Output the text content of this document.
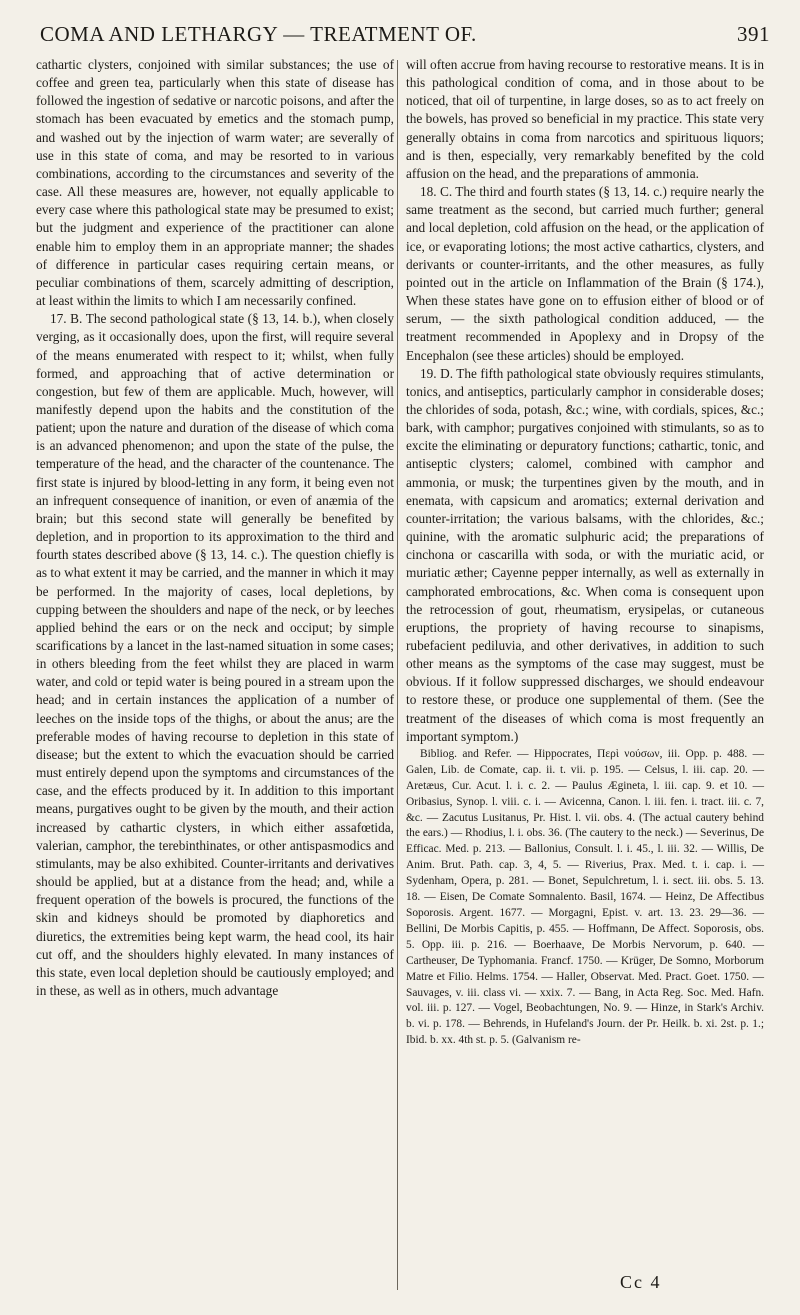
COMA AND LETHARGY — TREATMENT OF.	391

cathartic clysters, conjoined with similar substances; the use of coffee and green tea, particularly when this state of disease has followed the ingestion of sedative or narcotic poisons, and after the stomach has been evacuated by emetics and the stomach pump, and washed out by the injection of warm water; are severally of use in this state of coma, and may be resorted to in various combinations, according to the circumstances and severity of the case. All these measures are, however, not equally applicable to every case where this pathological state may be presumed to exist; but the judgment and experience of the practitioner can alone enable him to employ them in an appropriate manner; the shades of difference in particular cases requiring certain means, or peculiar combinations of them, scarcely admitting of description, at least within the limits to which I am necessarily confined.

17. B. The second pathological state (§ 13, 14. b.), when closely verging, as it occasionally does, upon the first, will require several of the means enumerated with respect to it; whilst, when fully formed, and approaching that of active determination or congestion, but few of them are applicable. Much, however, will manifestly depend upon the habits and the constitution of the patient; upon the nature and duration of the disease of which coma is an advanced phenomenon; and upon the state of the pulse, the temperature of the head, and the character of the countenance. The first state is injured by blood-letting in any form, it being even not an infrequent consequence of inanition, or even of anæmia of the brain; but this second state will generally be benefited by depletion, and in proportion to its approximation to the third and fourth states described above (§ 13, 14. c.). The question chiefly is as to what extent it may be carried, and the manner in which it may be performed. In the majority of cases, local depletions, by cupping between the shoulders and nape of the neck, or by leeches applied behind the ears or on the neck and occiput; by simple scarifications by a lancet in the last-named situation in some cases; in others bleeding from the feet whilst they are placed in warm water, and cold or tepid water is being poured in a stream upon the head; and in certain instances the application of a number of leeches on the inside tops of the thighs, or about the anus; are the preferable modes of having recourse to depletion in this state of disease; but the extent to which the evacuation should be carried must entirely depend upon the symptoms and circumstances of the case, and the effects produced by it. In addition to this important means, purgatives ought to be given by the mouth, and their action increased by cathartic clysters, in which either assafœtida, valerian, camphor, the terebinthinates, or other antispasmodics and stimulants, may be also exhibited. Counter-irritants and derivatives should be applied, but at a distance from the head; and, while a frequent operation of the bowels is procured, the functions of the skin and kidneys should be promoted by diaphoretics and diuretics, the extremities being kept warm, the head cool, its hair cut off, and the shoulders highly elevated. In many instances of this state, even local depletion should be cautiously employed; and in these, as well as in others, much advantage

will often accrue from having recourse to restorative means. It is in this pathological condition of coma, and in those about to be noticed, that oil of turpentine, in large doses, so as to act freely on the bowels, has proved so beneficial in my practice. This state very generally obtains in coma from narcotics and spirituous liquors; and is then, especially, very remarkably benefited by the cold affusion on the head, and the preparations of ammonia.

18. C. The third and fourth states (§ 13, 14. c.) require nearly the same treatment as the second, but carried much further; general and local depletion, cold affusion on the head, or the application of ice, or evaporating lotions; the most active cathartics, clysters, and derivants or counter-irritants, and the other measures, as fully pointed out in the article on Inflammation of the Brain (§ 174.), When these states have gone on to effusion either of blood or of serum, — the sixth pathological condition adduced, — the treatment recommended in Apoplexy and in Dropsy of the Encephalon (see these articles) should be employed.

19. D. The fifth pathological state obviously requires stimulants, tonics, and antiseptics, particularly camphor in considerable doses; the chlorides of soda, potash, &c.; wine, with cordials, spices, &c.; bark, with camphor; purgatives conjoined with stimulants, so as to excite the eliminating or depuratory functions; cathartic, tonic, and antiseptic clysters; calomel, combined with camphor and ammonia, or musk; the turpentines given by the mouth, and in enemata, with capsicum and aromatics; external derivation and counter-irritation; the various balsams, with the chlorides, &c.; quinine, with the aromatic sulphuric acid; the preparations of cinchona or cascarilla with soda, or with the muriatic acid, or muriatic æther; Cayenne pepper internally, as well as externally in camphorated embrocations, &c. When coma is consequent upon the retrocession of gout, rheumatism, erysipelas, or cutaneous eruptions, the propriety of having recourse to sinapisms, rubefacient pediluvia, and other derivatives, in addition to such other means as the symptoms of the case may suggest, must be obvious. If it follow suppressed discharges, we should endeavour to restore these, or produce one supplemental of them. (See the treatment of the diseases of which coma is most frequently an important symptom.)

Bibliog. and Refer. — Hippocrates, Περὶ νούσων, iii. Opp. p. 488. — Galen, Lib. de Comate, cap. ii. t. vii. p. 195. — Celsus, l. iii. cap. 20. — Aretæus, Cur. Acut. l. i. c. 2. — Paulus Ægineta, l. iii. cap. 9. et 10. — Oribasius, Synop. l. viii. c. i. — Avicenna, Canon. l. iii. fen. i. tract. iii. c. 7, &c. — Zacutus Lusitanus, Pr. Hist. l. vii. obs. 4. (The actual cautery behind the ears.) — Rhodius, l. i. obs. 36. (The cautery to the neck.) — Severinus, De Efficac. Med. p. 213. — Ballonius, Consult. l. i. 45., l. iii. 32. — Willis, De Anim. Brut. Path. cap. 3, 4, 5. — Riverius, Prax. Med. t. i. cap. i. — Sydenham, Opera, p. 281. — Bonet, Sepulchretum, l. i. sect. iii. obs. 5. 13. 18. — Eisen, De Comate Somnalento. Basil, 1674. — Heinz, De Affectibus Soporosis. Argent. 1677. — Morgagni, Epist. v. art. 13. 23. 29—36. — Bellini, De Morbis Capitis, p. 455. — Hoffmann, De Affect. Soporosis, obs. 5. Opp. iii. p. 216. — Boerhaave, De Morbis Nervorum, p. 640. — Cartheuser, De Typhomania. Francf. 1750. — Krüger, De Somno, Morborum Matre et Filio. Helms. 1754. — Haller, Observat. Med. Pract. Goet. 1750. — Sauvages, v. iii. class vi. — xxix. 7. — Bang, in Acta Reg. Soc. Med. Hafn. vol. iii. p. 127. — Vogel, Beobachtungen, No. 9. — Hinze, in Stark's Archiv. b. vi. p. 178. — Behrends, in Hufeland's Journ. der Pr. Heilk. b. xi. 2st. p. 1.; Ibid. b. xx. 4th st. p. 5. (Galvanism re-

Cc 4
